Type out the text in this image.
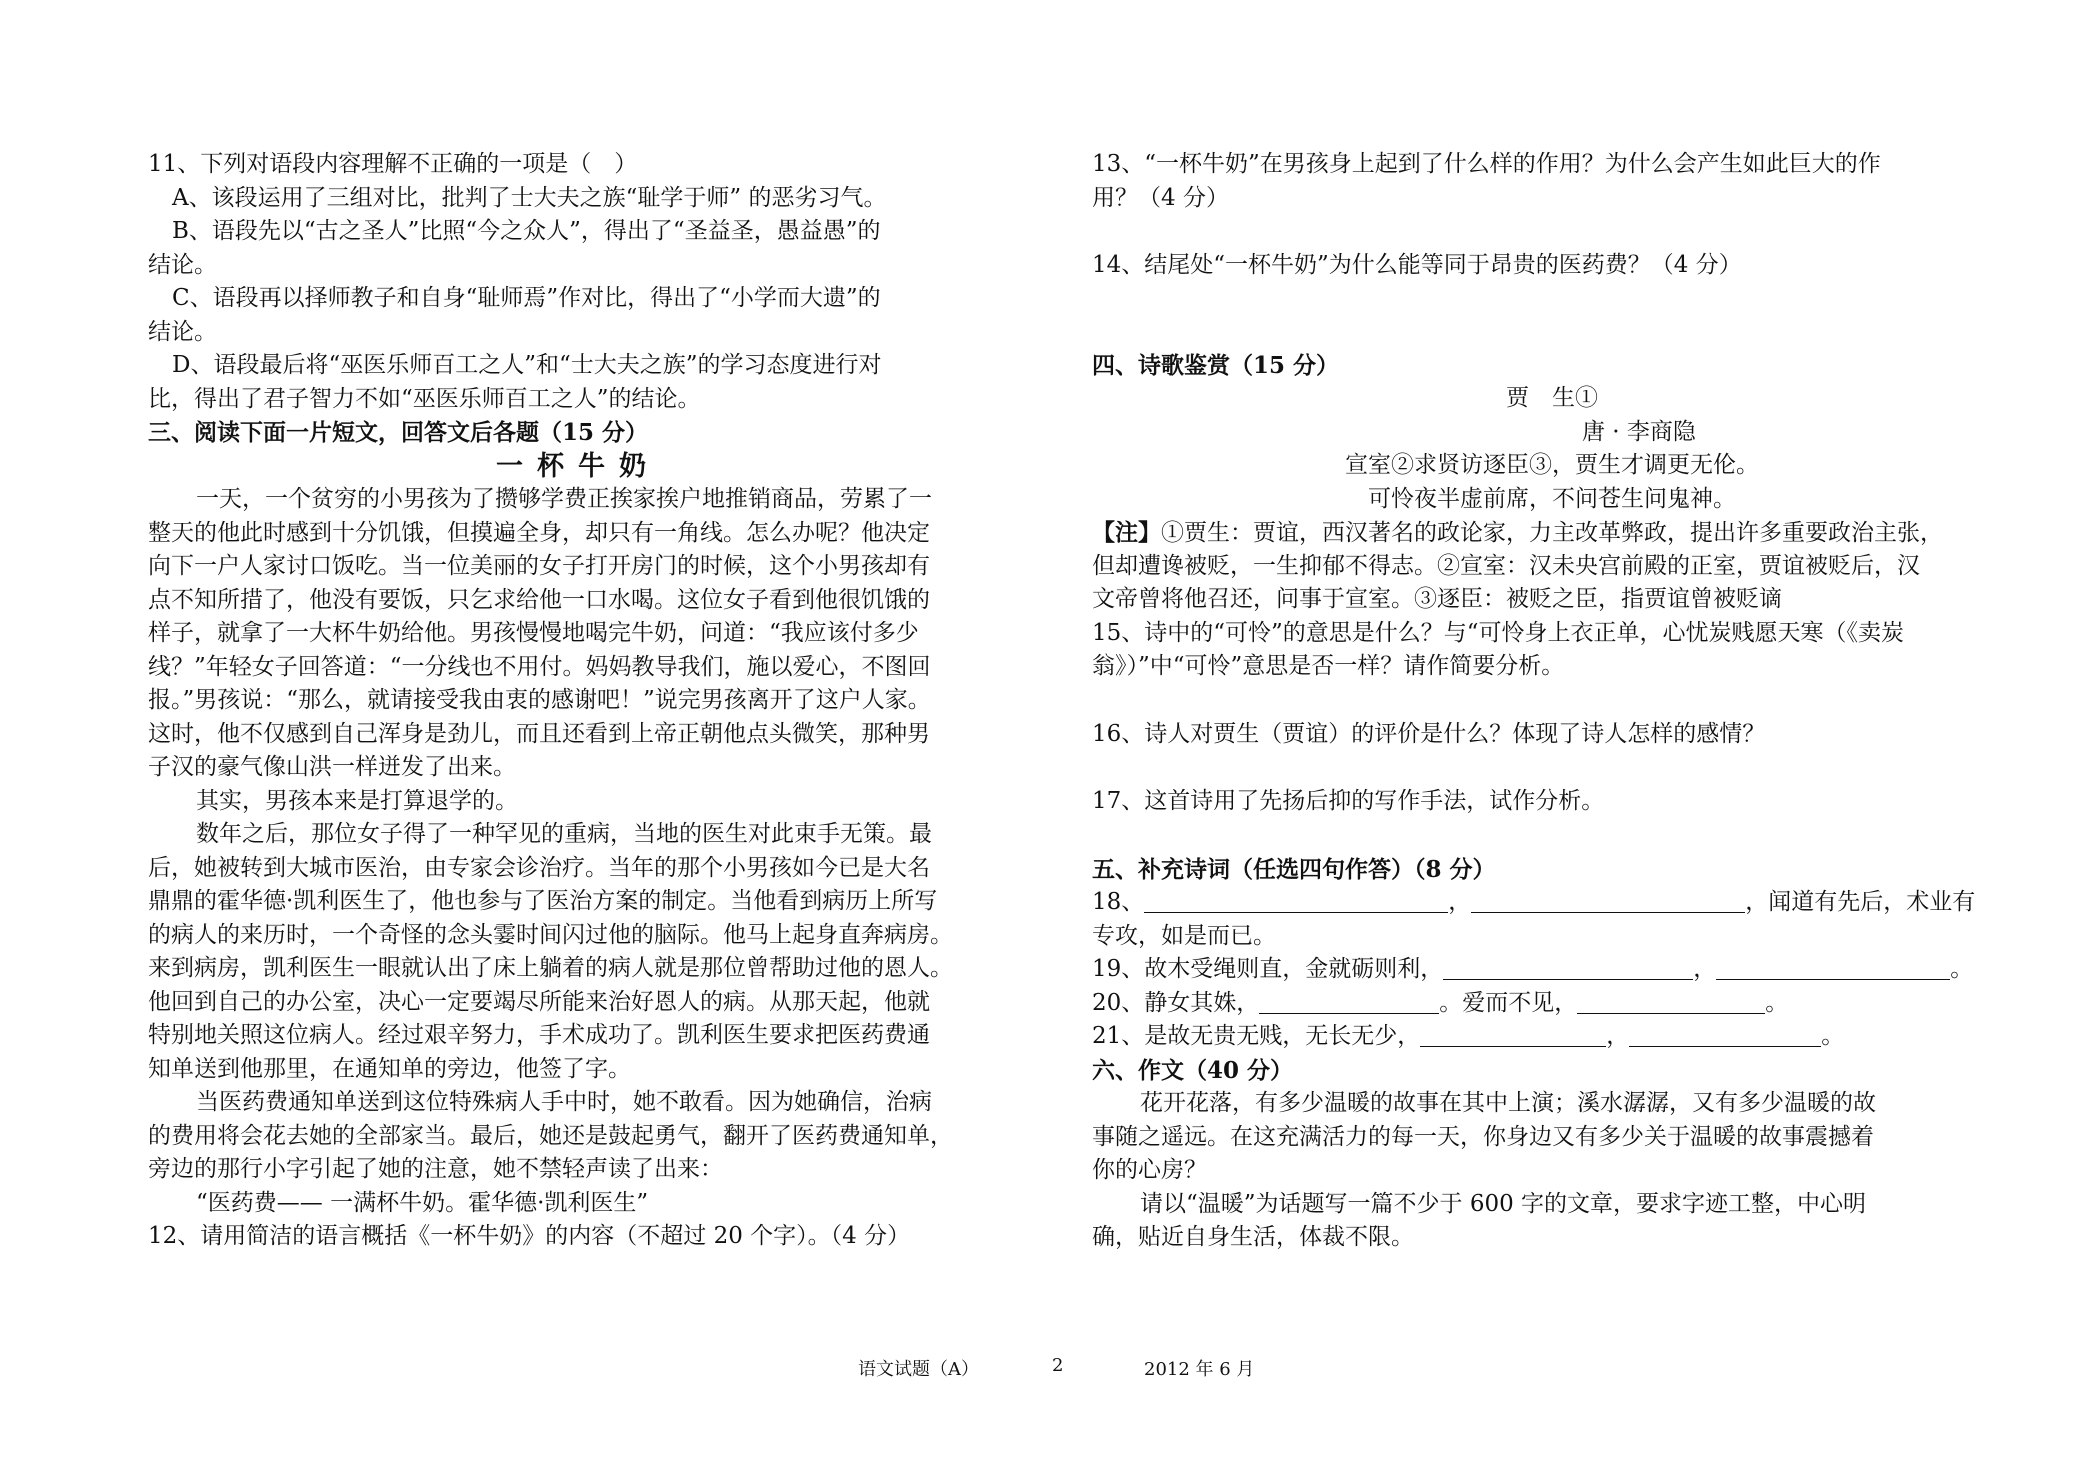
11、下列对语段内容理解不正确的一项是（　）
A、该段运用了三组对比，批判了士大夫之族“耻学于师” 的恶劣习气。
B、语段先以“古之圣人”比照“今之众人”，得出了“圣益圣，愚益愚”的
结论。
C、语段再以择师教子和自身“耻师焉”作对比，得出了“小学而大遗”的
结论。
D、语段最后将“巫医乐师百工之人”和“士大夫之族”的学习态度进行对
比，得出了君子智力不如“巫医乐师百工之人”的结论。
三、阅读下面一片短文，回答文后各题（15 分）
一杯牛奶
一天，一个贫穷的小男孩为了攒够学费正挨家挨户地推销商品，劳累了一
整天的他此时感到十分饥饿，但摸遍全身，却只有一角线。怎么办呢？他决定
向下一户人家讨口饭吃。当一位美丽的女子打开房门的时候，这个小男孩却有
点不知所措了，他没有要饭，只乞求给他一口水喝。这位女子看到他很饥饿的
样子，就拿了一大杯牛奶给他。男孩慢慢地喝完牛奶，问道：“我应该付多少
线？”年轻女子回答道：“一分线也不用付。妈妈教导我们，施以爱心，不图回
报。”男孩说：“那么，就请接受我由衷的感谢吧！”说完男孩离开了这户人家。
这时，他不仅感到自己浑身是劲儿，而且还看到上帝正朝他点头微笑，那种男
子汉的豪气像山洪一样迸发了出来。
其实，男孩本来是打算退学的。
数年之后，那位女子得了一种罕见的重病，当地的医生对此束手无策。最
后，她被转到大城市医治，由专家会诊治疗。当年的那个小男孩如今已是大名
鼎鼎的霍华德·凯利医生了，他也参与了医治方案的制定。当他看到病历上所写
的病人的来历时，一个奇怪的念头霎时间闪过他的脑际。他马上起身直奔病房。
来到病房，凯利医生一眼就认出了床上躺着的病人就是那位曾帮助过他的恩人。
他回到自己的办公室，决心一定要竭尽所能来治好恩人的病。从那天起，他就
特别地关照这位病人。经过艰辛努力，手术成功了。凯利医生要求把医药费通
知单送到他那里，在通知单的旁边，他签了字。
当医药费通知单送到这位特殊病人手中时，她不敢看。因为她确信，治病
的费用将会花去她的全部家当。最后，她还是鼓起勇气，翻开了医药费通知单，
旁边的那行小字引起了她的注意，她不禁轻声读了出来：
“医药费—— 一满杯牛奶。霍华德·凯利医生”
12、请用简洁的语言概括《一杯牛奶》的内容（不超过 20 个字）。（4 分）
13、“一杯牛奶”在男孩身上起到了什么样的作用？为什么会产生如此巨大的作
用？（4 分）
14、结尾处“一杯牛奶”为什么能等同于昂贵的医药费？（4 分）
四、诗歌鉴赏（15 分）
贾　生①
唐 · 李商隐
宣室②求贤访逐臣③，贾生才调更无伦。
可怜夜半虚前席，不问苍生问鬼神。
【注】①贾生：贾谊，西汉著名的政论家，力主改革弊政，提出许多重要政治主张，
但却遭谗被贬，一生抑郁不得志。②宣室：汉未央宫前殿的正室，贾谊被贬后，汉
文帝曾将他召还，问事于宣室。③逐臣：被贬之臣，指贾谊曾被贬谪
15、诗中的“可怜”的意思是什么？与“可怜身上衣正单，心忧炭贱愿天寒（《卖炭
翁》）”中“可怜”意思是否一样？请作简要分析。
16、诗人对贾生（贾谊）的评价是什么？体现了诗人怎样的感情？
17、这首诗用了先扬后抑的写作手法，试作分析。
五、补充诗词（任选四句作答）（8 分）
18、	，	，闻道有先后，术业有
专攻，如是而已。
19、故木受绳则直，金就砺则利，	，	。
20、静女其姝，	。爱而不见，	。
21、是故无贵无贱，无长无少，	，	。
六、作文（40 分）
花开花落，有多少温暖的故事在其中上演；溪水潺潺，又有多少温暖的故
事随之遥远。在这充满活力的每一天，你身边又有多少关于温暖的故事震撼着
你的心房？
请以“温暖”为话题写一篇不少于 600 字的文章，要求字迹工整，中心明
确，贴近自身生活，体裁不限。
语文试题（A）	2	2012 年 6 月
